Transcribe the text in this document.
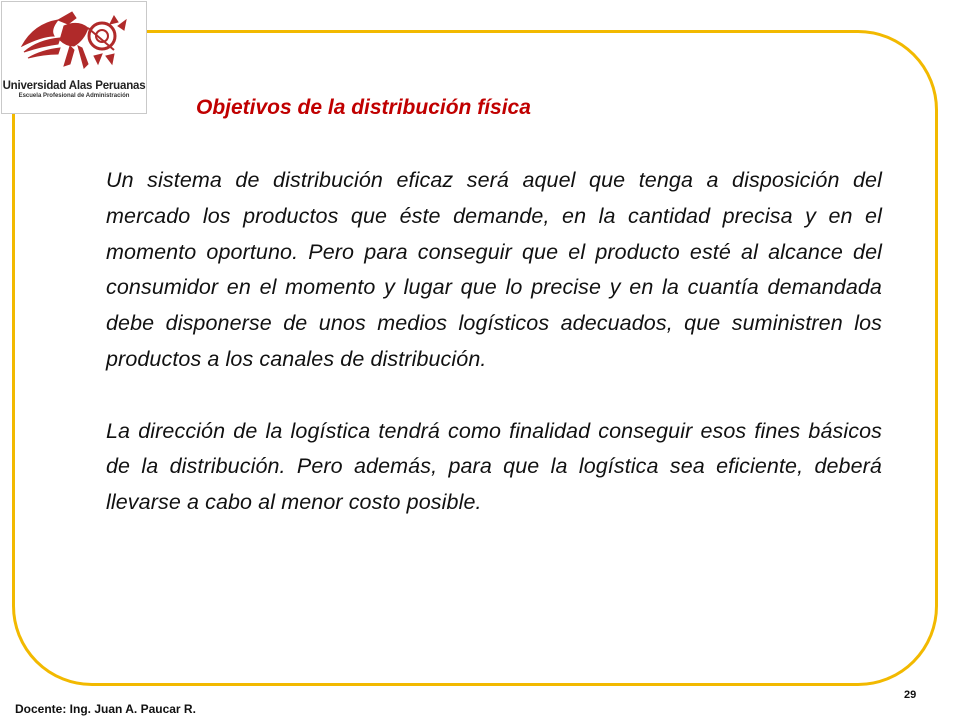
Universidad Alas Peruanas
Escuela Profesional de Administración	Objetivos de la distribución física

Un sistema de distribución eficaz será aquel que tenga a disposición del mercado los productos que éste demande, en la cantidad precisa y en el momento oportuno. Pero para conseguir que el producto esté al alcance del consumidor en el momento y lugar que lo precise y en la cuantía demandada debe disponerse de unos medios logísticos adecuados, que suministren los productos a los canales de distribución.

La dirección de la logística tendrá como finalidad conseguir esos fines básicos de la distribución. Pero además, para que la logística sea eficiente, deberá llevarse a cabo al menor costo posible.

29
Docente: Ing. Juan A. Paucar R.
